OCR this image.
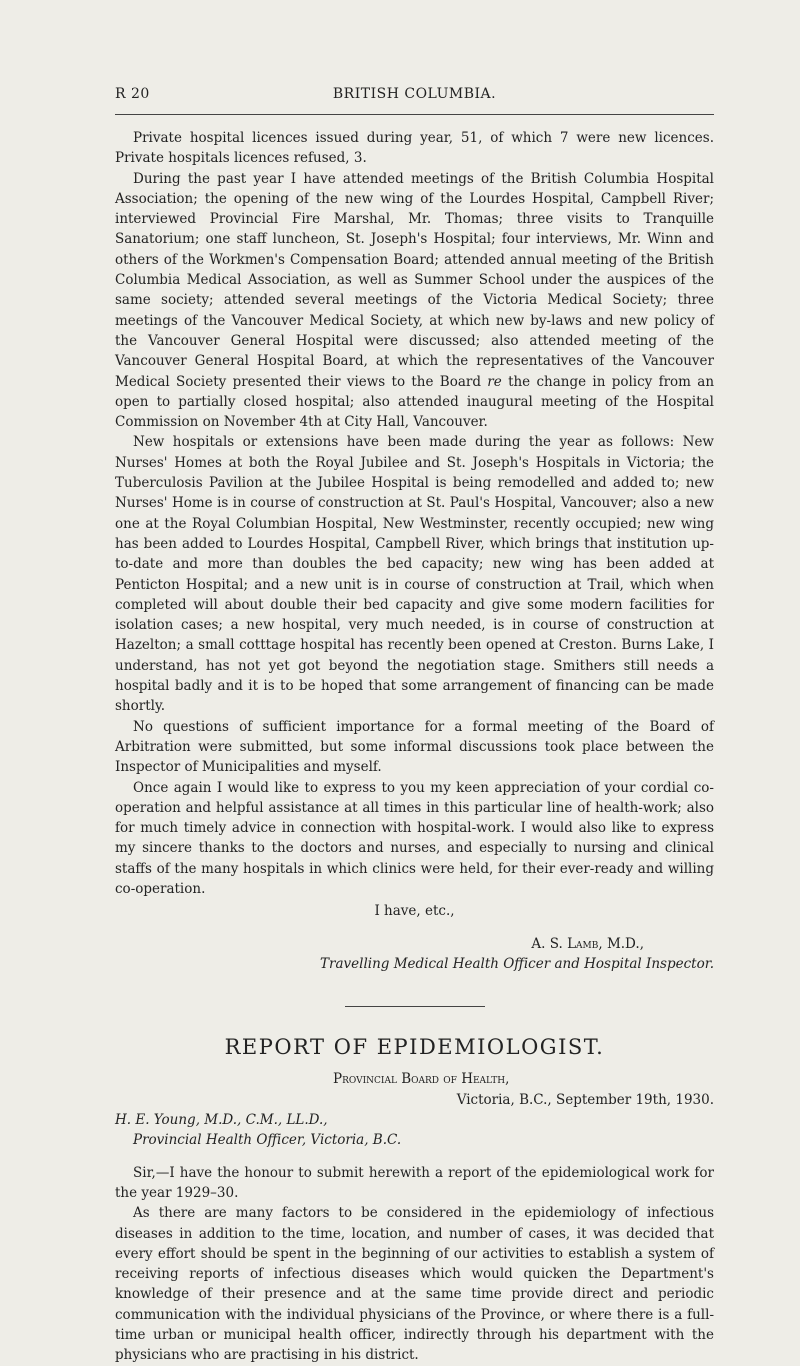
R 20	BRITISH COLUMBIA.

Private hospital licences issued during year, 51, of which 7 were new licences. Private hospitals licences refused, 3.

During the past year I have attended meetings of the British Columbia Hospital Association; the opening of the new wing of the Lourdes Hospital, Campbell River; interviewed Provincial Fire Marshal, Mr. Thomas; three visits to Tranquille Sanatorium; one staff luncheon, St. Joseph's Hospital; four interviews, Mr. Winn and others of the Workmen's Compensation Board; attended annual meeting of the British Columbia Medical Association, as well as Summer School under the auspices of the same society; attended several meetings of the Victoria Medical Society; three meetings of the Vancouver Medical Society, at which new by-laws and new policy of the Vancouver General Hospital were discussed; also attended meeting of the Vancouver General Hospital Board, at which the representatives of the Vancouver Medical Society presented their views to the Board re the change in policy from an open to partially closed hospital; also attended inaugural meeting of the Hospital Commission on November 4th at City Hall, Vancouver.

New hospitals or extensions have been made during the year as follows: New Nurses' Homes at both the Royal Jubilee and St. Joseph's Hospitals in Victoria; the Tuberculosis Pavilion at the Jubilee Hospital is being remodelled and added to; new Nurses' Home is in course of construction at St. Paul's Hospital, Vancouver; also a new one at the Royal Columbian Hospital, New Westminster, recently occupied; new wing has been added to Lourdes Hospital, Campbell River, which brings that institution up-to-date and more than doubles the bed capacity; new wing has been added at Penticton Hospital; and a new unit is in course of construction at Trail, which when completed will about double their bed capacity and give some modern facilities for isolation cases; a new hospital, very much needed, is in course of construction at Hazelton; a small cotttage hospital has recently been opened at Creston. Burns Lake, I understand, has not yet got beyond the negotiation stage. Smithers still needs a hospital badly and it is to be hoped that some arrangement of financing can be made shortly.

No questions of sufficient importance for a formal meeting of the Board of Arbitration were submitted, but some informal discussions took place between the Inspector of Municipalities and myself.

Once again I would like to express to you my keen appreciation of your cordial co-operation and helpful assistance at all times in this particular line of health-work; also for much timely advice in connection with hospital-work. I would also like to express my sincere thanks to the doctors and nurses, and especially to nursing and clinical staffs of the many hospitals in which clinics were held, for their ever-ready and willing co-operation.

I have, etc.,
A. S. Lamb, M.D.,
Travelling Medical Health Officer and Hospital Inspector.
REPORT OF EPIDEMIOLOGIST.
Provincial Board of Health,
Victoria, B.C., September 19th, 1930.
H. E. Young, M.D., C.M., LL.D.,
Provincial Health Officer, Victoria, B.C.

Sir,—I have the honour to submit herewith a report of the epidemiological work for the year 1929–30.

As there are many factors to be considered in the epidemiology of infectious diseases in addition to the time, location, and number of cases, it was decided that every effort should be spent in the beginning of our activities to establish a system of receiving reports of infectious diseases which would quicken the Department's knowledge of their presence and at the same time provide direct and periodic communication with the individual physicians of the Province, or where there is a full-time urban or municipal health officer, indirectly through his department with the physicians who are practising in his district.
